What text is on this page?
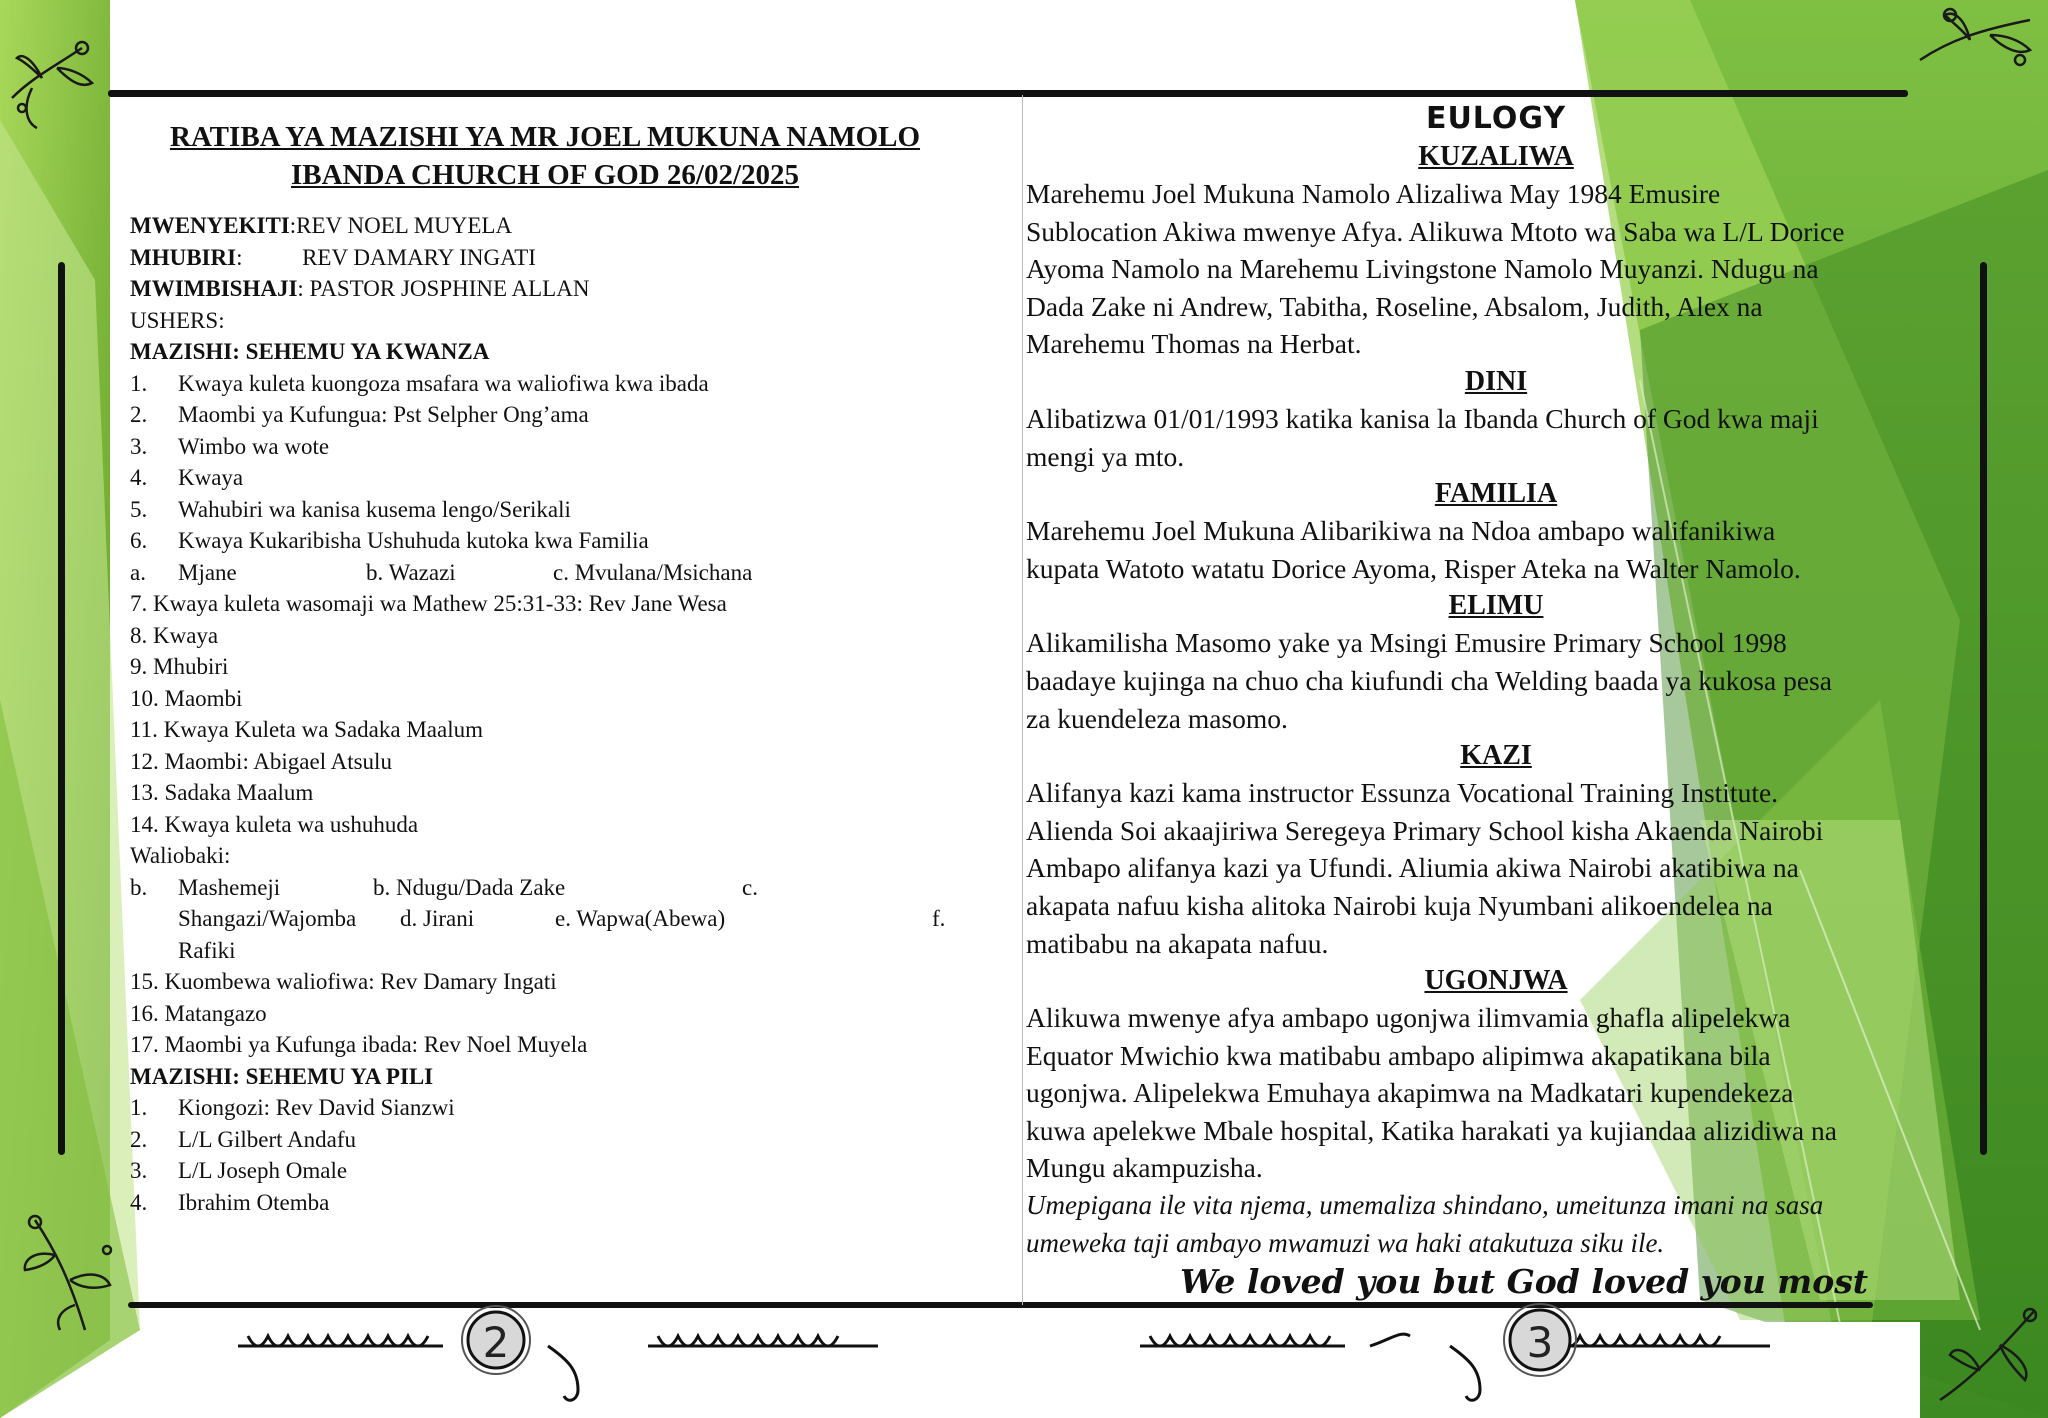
2	3
RATIBA YA MAZISHI YA MR JOEL MUKUNA NAMOLO
IBANDA CHURCH OF GOD 26/02/2025
MWENYEKITI:REV NOEL MUYELA
MHUBIRI:	REV DAMARY INGATI
MWIMBISHAJI: PASTOR JOSPHINE ALLAN
USHERS:
MAZISHI: SEHEMU YA KWANZA
1. Kwaya kuleta kuongoza msafara wa waliofiwa kwa ibada
2. Maombi ya Kufungua: Pst Selpher Ong’ama
3. Wimbo wa wote
4. Kwaya
5. Wahubiri wa kanisa kusema lengo/Serikali
6. Kwaya Kukaribisha Ushuhuda kutoka kwa Familia
a. Mjane	b. Wazazi	c. Mvulana/Msichana
7. Kwaya kuleta wasomaji wa Mathew 25:31-33: Rev Jane Wesa
8. Kwaya
9. Mhubiri
10. Maombi
11. Kwaya Kuleta wa Sadaka Maalum
12. Maombi: Abigael Atsulu
13. Sadaka Maalum
14. Kwaya kuleta wa ushuhuda
Waliobaki:
b. Mashemeji	b. Ndugu/Dada Zake	c.
Shangazi/Wajomba d. Jirani	e. Wapwa(Abewa)	f.
Rafiki
15. Kuombewa waliofiwa: Rev Damary Ingati
16. Matangazo
17. Maombi ya Kufunga ibada: Rev Noel Muyela
MAZISHI: SEHEMU YA PILI
1. Kiongozi: Rev David Sianzwi
2. L/L Gilbert Andafu
3. L/L Joseph Omale
4. Ibrahim Otemba
EULOGY
KUZALIWA
Marehemu Joel Mukuna Namolo Alizaliwa May 1984 Emusire
Sublocation Akiwa mwenye Afya. Alikuwa Mtoto wa Saba wa L/L Dorice
Ayoma Namolo na Marehemu Livingstone Namolo Muyanzi. Ndugu na
Dada Zake ni Andrew, Tabitha, Roseline, Absalom, Judith, Alex na
Marehemu Thomas na Herbat.
DINI
Alibatizwa 01/01/1993 katika kanisa la Ibanda Church of God kwa maji
mengi ya mto.
FAMILIA
Marehemu Joel Mukuna Alibarikiwa na Ndoa ambapo walifanikiwa
kupata Watoto watatu Dorice Ayoma, Risper Ateka na Walter Namolo.
ELIMU
Alikamilisha Masomo yake ya Msingi Emusire Primary School 1998
baadaye kujinga na chuo cha kiufundi cha Welding baada ya kukosa pesa
za kuendeleza masomo.
KAZI
Alifanya kazi kama instructor Essunza Vocational Training Institute.
Alienda Soi akaajiriwa Seregeya Primary School kisha Akaenda Nairobi
Ambapo alifanya kazi ya Ufundi. Aliumia akiwa Nairobi akatibiwa na
akapata nafuu kisha alitoka Nairobi kuja Nyumbani alikoendelea na
matibabu na akapata nafuu.
UGONJWA
Alikuwa mwenye afya ambapo ugonjwa ilimvamia ghafla alipelekwa
Equator Mwichio kwa matibabu ambapo alipimwa akapatikana bila
ugonjwa. Alipelekwa Emuhaya akapimwa na Madkatari kupendekeza
kuwa apelekwe Mbale hospital, Katika harakati ya kujiandaa alizidiwa na
Mungu akampuzisha.
Umepigana ile vita njema, umemaliza shindano, umeitunza imani na sasa
umeweka taji ambayo mwamuzi wa haki atakutuza siku ile.
We loved you but God loved you most
